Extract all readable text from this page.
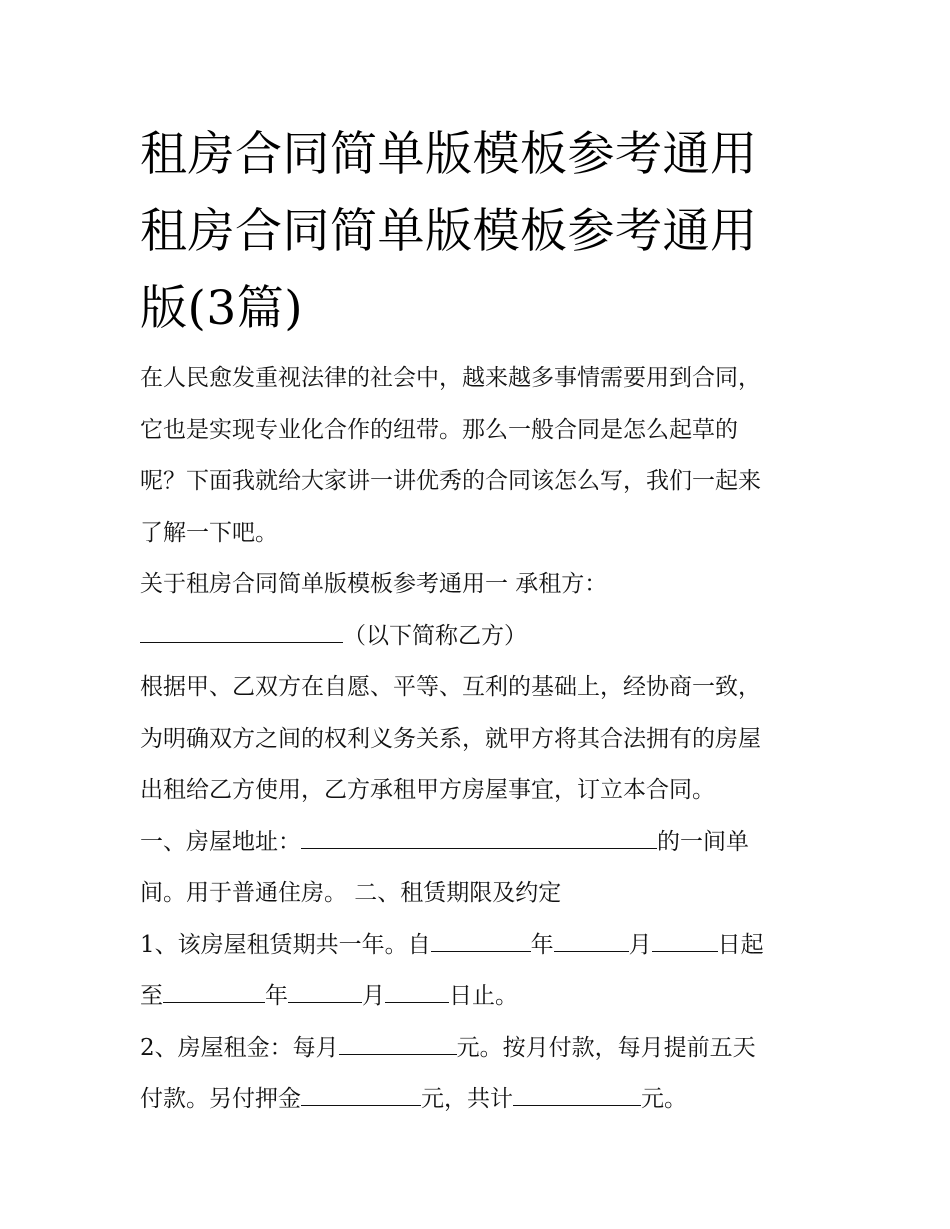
租房合同简单版模板参考通用
租房合同简单版模板参考通用
版(3篇)
在人民愈发重视法律的社会中，越来越多事情需要用到合同，
它也是实现专业化合作的纽带。那么一般合同是怎么起草的
呢？下面我就给大家讲一讲优秀的合同该怎么写，我们一起来
了解一下吧。
关于租房合同简单版模板参考通用一 承租方：
（以下简称乙方）
根据甲、乙双方在自愿、平等、互利的基础上，经协商一致，
为明确双方之间的权利义务关系，就甲方将其合法拥有的房屋
出租给乙方使用，乙方承租甲方房屋事宜，订立本合同。
一、房屋地址：	的一间单
间。用于普通住房。 二、租赁期限及约定
1、该房屋租赁期共一年。自	年	月	日起
至	年	月	日止。
2、房屋租金：每月	元。按月付款，每月提前五天
付款。另付押金	元，共计	元。
